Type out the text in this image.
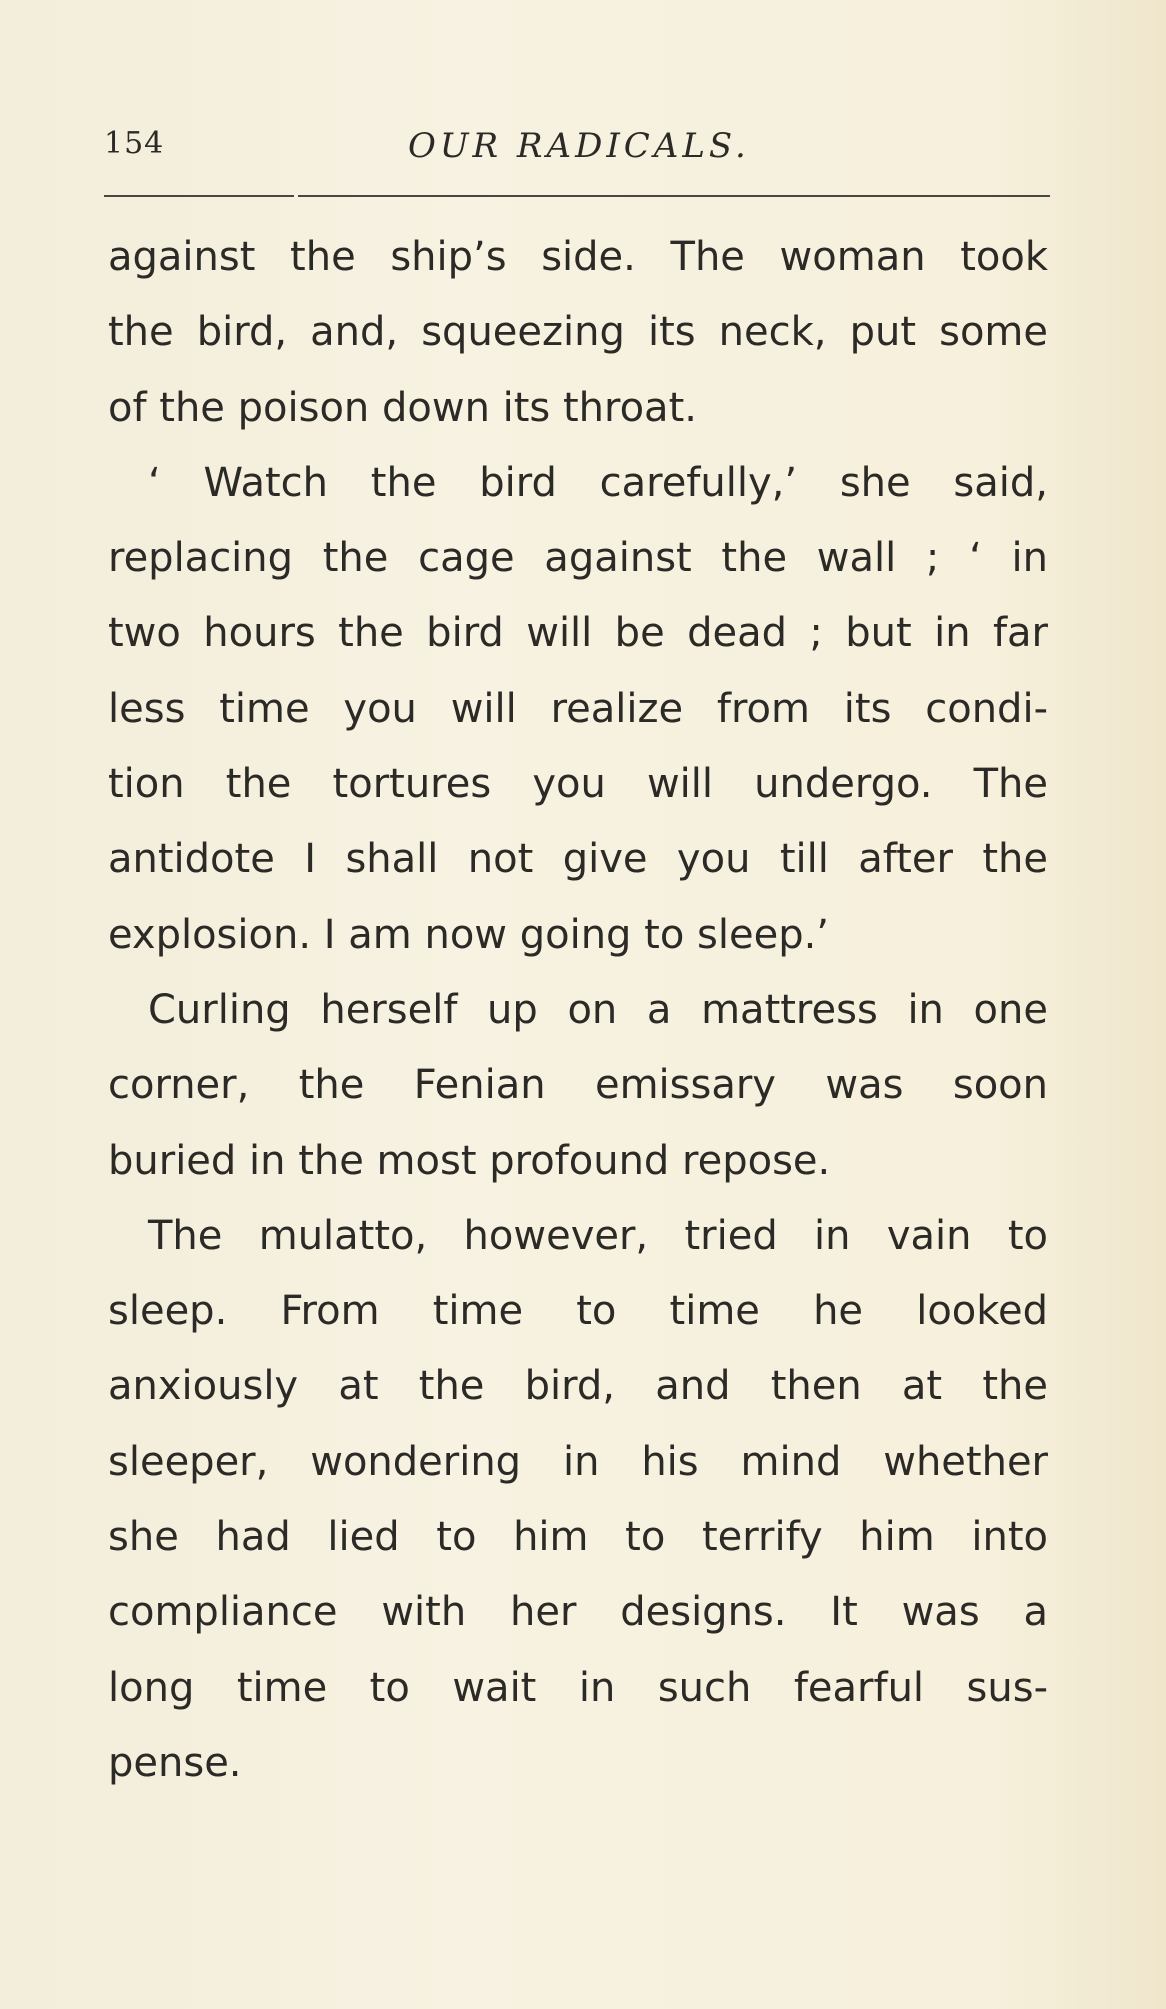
154	OUR RADICALS.
against the ship’s side. The woman took
the bird, and, squeezing its neck, put some
of the poison down its throat.
‘ Watch the bird carefully,’ she said,
replacing the cage against the wall ; ‘ in
two hours the bird will be dead ; but in far
less time you will realize from its condi-
tion the tortures you will undergo. The
antidote I shall not give you till after the
explosion. I am now going to sleep.’
Curling herself up on a mattress in one
corner, the Fenian emissary was soon
buried in the most profound repose.
The mulatto, however, tried in vain to
sleep. From time to time he looked
anxiously at the bird, and then at the
sleeper, wondering in his mind whether
she had lied to him to terrify him into
compliance with her designs. It was a
long time to wait in such fearful sus-
pense.
